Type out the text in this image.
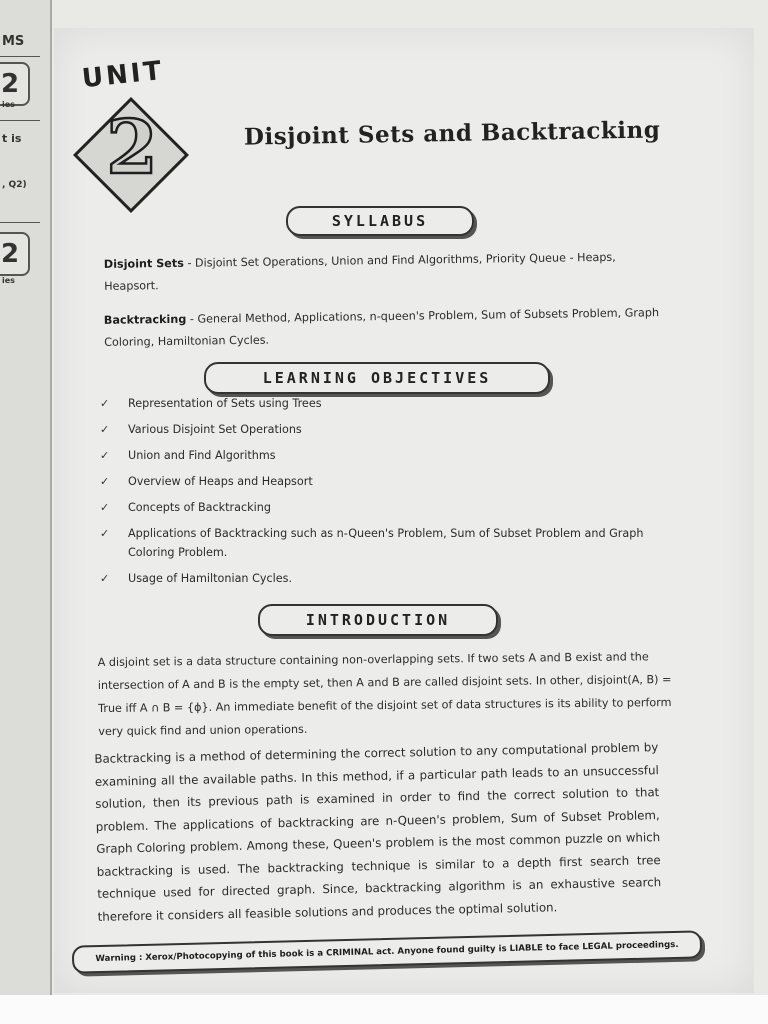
MS
2
ies
t is
, Q2)
2
ies
UNIT
2	Disjoint Sets and Backtracking
SYLLABUS
Disjoint Sets - Disjoint Set Operations, Union and Find Algorithms, Priority Queue - Heaps, Heapsort.
Backtracking - General Method, Applications, n-queen's Problem, Sum of Subsets Problem, Graph Coloring, Hamiltonian Cycles.
LEARNING OBJECTIVES
✓ Representation of Sets using Trees
✓ Various Disjoint Set Operations
✓ Union and Find Algorithms
✓ Overview of Heaps and Heapsort
✓ Concepts of Backtracking
✓ Applications of Backtracking such as n-Queen's Problem, Sum of Subset Problem and Graph Coloring Problem.
✓ Usage of Hamiltonian Cycles.
INTRODUCTION
A disjoint set is a data structure containing non-overlapping sets. If two sets A and B exist and the intersection of A and B is the empty set, then A and B are called disjoint sets. In other, disjoint(A, B) = True iff A ∩ B = {ϕ}. An immediate benefit of the disjoint set of data structures is its ability to perform very quick find and union operations.
Backtracking is a method of determining the correct solution to any computational problem by examining all the available paths. In this method, if a particular path leads to an unsuccessful solution, then its previous path is examined in order to find the correct solution to that problem. The applications of backtracking are n-Queen's problem, Sum of Subset Problem, Graph Coloring problem. Among these, Queen's problem is the most common puzzle on which backtracking is used. The backtracking technique is similar to a depth first search tree technique used for directed graph. Since, backtracking algorithm is an exhaustive search therefore it considers all feasible solutions and produces the optimal solution.
Warning : Xerox/Photocopying of this book is a CRIMINAL act. Anyone found guilty is LIABLE to face LEGAL proceedings.
